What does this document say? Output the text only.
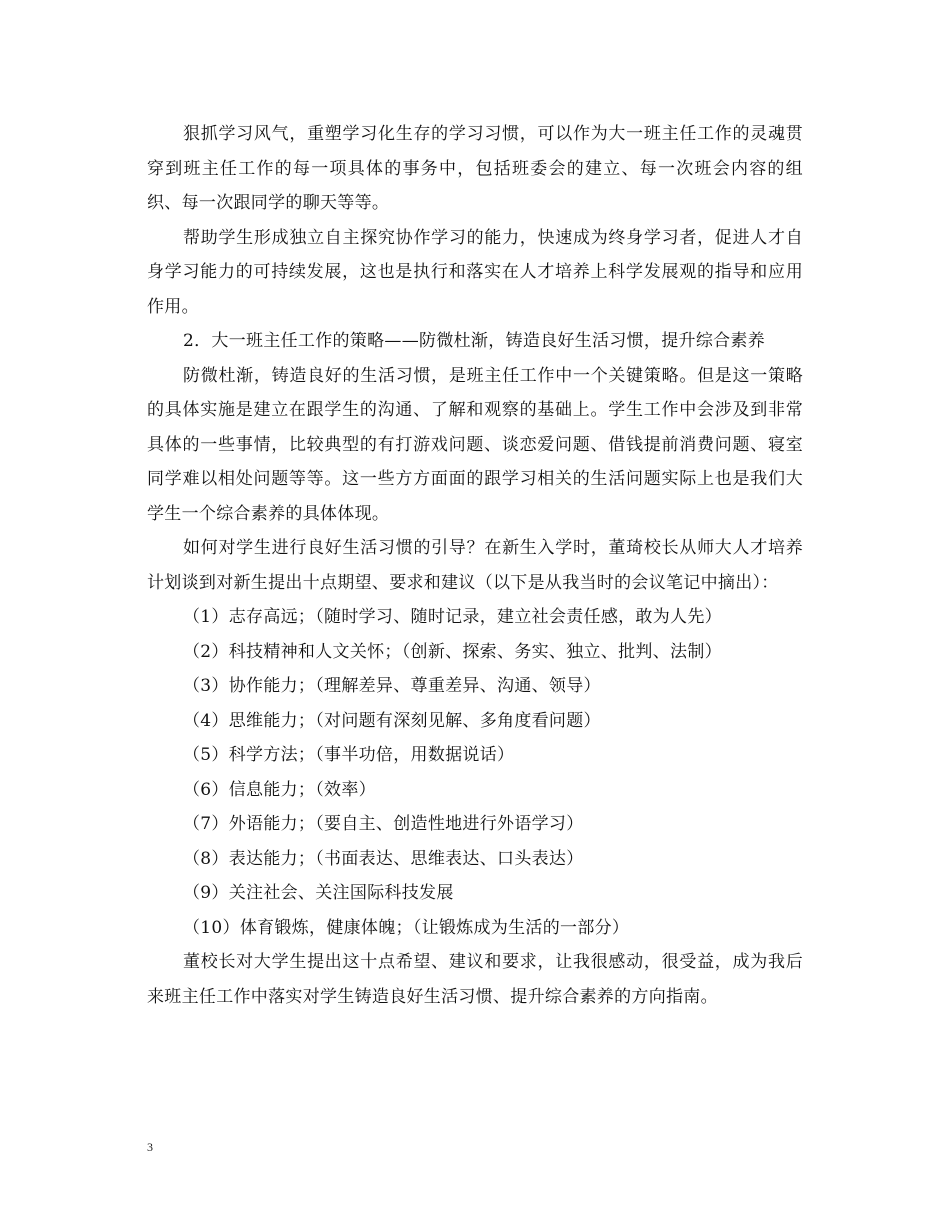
狠抓学习风气，重塑学习化生存的学习习惯，可以作为大一班主任工作的灵魂贯穿到班主任工作的每一项具体的事务中，包括班委会的建立、每一次班会内容的组织、每一次跟同学的聊天等等。

帮助学生形成独立自主探究协作学习的能力，快速成为终身学习者，促进人才自身学习能力的可持续发展，这也是执行和落实在人才培养上科学发展观的指导和应用作用。

2．大一班主任工作的策略——防微杜渐，铸造良好生活习惯，提升综合素养

防微杜渐，铸造良好的生活习惯，是班主任工作中一个关键策略。但是这一策略的具体实施是建立在跟学生的沟通、了解和观察的基础上。学生工作中会涉及到非常具体的一些事情，比较典型的有打游戏问题、谈恋爱问题、借钱提前消费问题、寝室同学难以相处问题等等。这一些方方面面的跟学习相关的生活问题实际上也是我们大学生一个综合素养的具体体现。

如何对学生进行良好生活习惯的引导？在新生入学时，董琦校长从师大人才培养计划谈到对新生提出十点期望、要求和建议（以下是从我当时的会议笔记中摘出）：

（1）志存高远；（随时学习、随时记录，建立社会责任感，敢为人先）

（2）科技精神和人文关怀；（创新、探索、务实、独立、批判、法制）

（3）协作能力；（理解差异、尊重差异、沟通、领导）

（4）思维能力；（对问题有深刻见解、多角度看问题）

（5）科学方法；（事半功倍，用数据说话）

（6）信息能力；（效率）

（7）外语能力；（要自主、创造性地进行外语学习）

（8）表达能力；（书面表达、思维表达、口头表达）

（9）关注社会、关注国际科技发展

（10）体育锻炼，健康体魄；（让锻炼成为生活的一部分）

董校长对大学生提出这十点希望、建议和要求，让我很感动，很受益，成为我后来班主任工作中落实对学生铸造良好生活习惯、提升综合素养的方向指南。

3
